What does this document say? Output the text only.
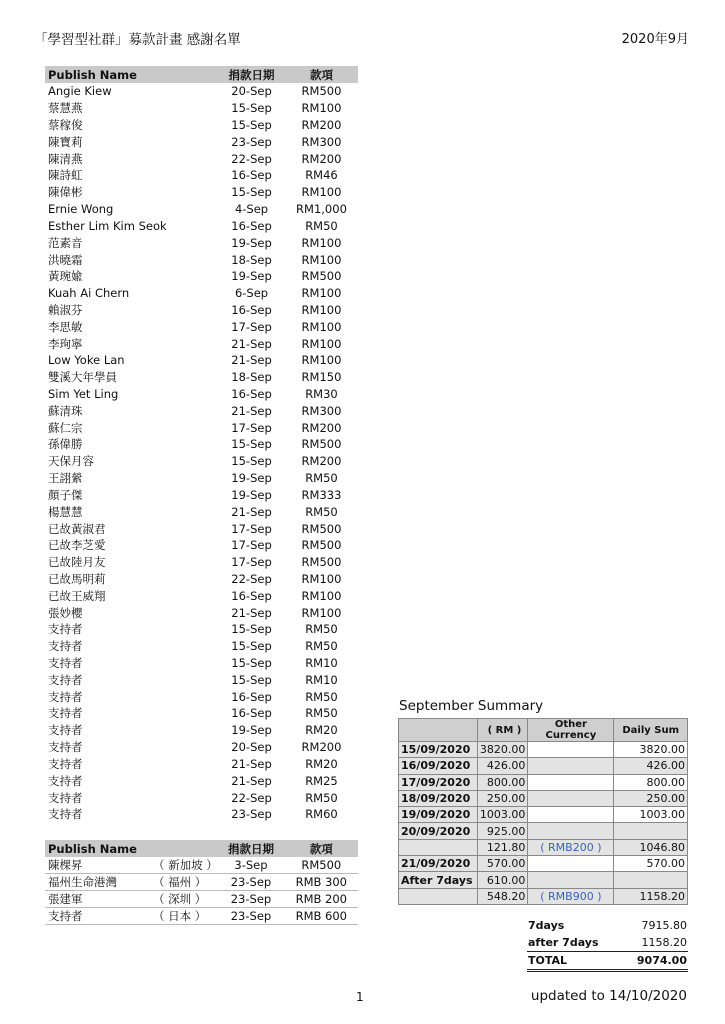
「學習型社群」募款計畫 感謝名單	2020年9月
Publish Name	捐款日期	款項
Angie Kiew	20-Sep	RM500
蔡慧燕	15-Sep	RM100
蔡稼俊	15-Sep	RM200
陳寶莉	23-Sep	RM300
陳清燕	22-Sep	RM200
陳詩虹	16-Sep	RM46
陳偉彬	15-Sep	RM100
Ernie Wong	4-Sep	RM1,000
Esther Lim Kim Seok	16-Sep	RM50
范素音	19-Sep	RM100
洪曉霜	18-Sep	RM100
黃琬婾	19-Sep	RM500
Kuah Ai Chern	6-Sep	RM100
賴淑芬	16-Sep	RM100
李思敏	17-Sep	RM100
李珣寧	21-Sep	RM100
Low Yoke Lan	21-Sep	RM100
雙溪大年學員	18-Sep	RM150
Sim Yet Ling	16-Sep	RM30
蘇清珠	21-Sep	RM300
蘇仁宗	17-Sep	RM200
孫偉勝	15-Sep	RM500
天保月容	15-Sep	RM200
王詡縈	19-Sep	RM50
顏子傑	19-Sep	RM333
楊慧慧	21-Sep	RM50
已故黃淑君	17-Sep	RM500
已故李芝愛	17-Sep	RM500
已故陸月友	17-Sep	RM500
已故馬明莉	22-Sep	RM100
已故王威翔	16-Sep	RM100
張妙櫻	21-Sep	RM100
支持者	15-Sep	RM50
支持者	15-Sep	RM50
支持者	15-Sep	RM10
支持者	15-Sep	RM10
支持者	16-Sep	RM50
支持者	16-Sep	RM50
支持者	19-Sep	RM20
支持者	20-Sep	RM200
支持者	21-Sep	RM20
支持者	21-Sep	RM25
支持者	22-Sep	RM50
支持者	23-Sep	RM60
Publish Name	捐款日期	款項
陳棵昇 （ 新加坡 ）	3-Sep	RM500
福州生命港灣 （ 福州 ）	23-Sep	RMB 300
張建軍 （ 深圳 ）	23-Sep	RMB 200
支持者 （ 日本 ）	23-Sep	RMB 600
September Summary
	( RM )	Other Currency	Daily Sum
15/09/2020	3820.00		3820.00
16/09/2020	426.00		426.00
17/09/2020	800.00		800.00
18/09/2020	250.00		250.00
19/09/2020	1003.00		1003.00
20/09/2020	925.00		
	121.80	( RMB200 )	1046.80
21/09/2020	570.00		570.00
After 7days	610.00		
	548.20	( RMB900 )	1158.20
7days	7915.80
after 7days	1158.20
TOTAL	9074.00
1	updated to 14/10/2020
